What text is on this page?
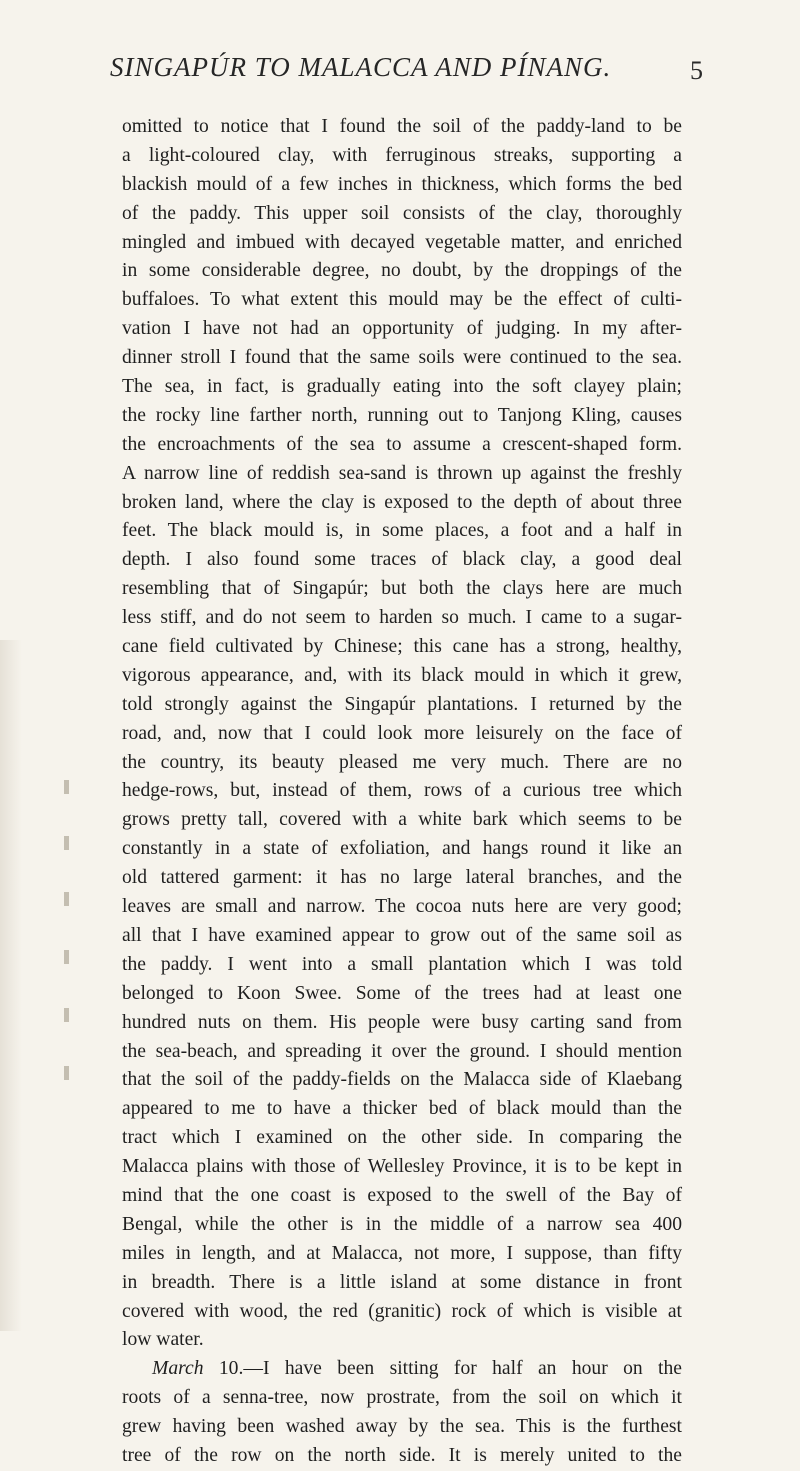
SINGAPÚR TO MALACCA AND PÍNANG.	5
omitted to notice that I found the soil of the paddy-land to be
a light-coloured clay, with ferruginous streaks, supporting a
blackish mould of a few inches in thickness, which forms the bed
of the paddy. This upper soil consists of the clay, thoroughly
mingled and imbued with decayed vegetable matter, and enriched
in some considerable degree, no doubt, by the droppings of the
buffaloes. To what extent this mould may be the effect of culti-
vation I have not had an opportunity of judging. In my after-
dinner stroll I found that the same soils were continued to the sea.
The sea, in fact, is gradually eating into the soft clayey plain;
the rocky line farther north, running out to Tanjong Kling, causes
the encroachments of the sea to assume a crescent-shaped form.
A narrow line of reddish sea-sand is thrown up against the freshly
broken land, where the clay is exposed to the depth of about three
feet. The black mould is, in some places, a foot and a half in
depth. I also found some traces of black clay, a good deal
resembling that of Singapúr; but both the clays here are much
less stiff, and do not seem to harden so much. I came to a sugar-
cane field cultivated by Chinese; this cane has a strong, healthy,
vigorous appearance, and, with its black mould in which it grew,
told strongly against the Singapúr plantations. I returned by the
road, and, now that I could look more leisurely on the face of
the country, its beauty pleased me very much. There are no
hedge-rows, but, instead of them, rows of a curious tree which
grows pretty tall, covered with a white bark which seems to be
constantly in a state of exfoliation, and hangs round it like an
old tattered garment: it has no large lateral branches, and the
leaves are small and narrow. The cocoa nuts here are very good;
all that I have examined appear to grow out of the same soil as
the paddy. I went into a small plantation which I was told
belonged to Koon Swee. Some of the trees had at least one
hundred nuts on them. His people were busy carting sand from
the sea-beach, and spreading it over the ground. I should mention
that the soil of the paddy-fields on the Malacca side of Klaebang
appeared to me to have a thicker bed of black mould than the
tract which I examined on the other side. In comparing the
Malacca plains with those of Wellesley Province, it is to be kept in
mind that the one coast is exposed to the swell of the Bay of
Bengal, while the other is in the middle of a narrow sea 400
miles in length, and at Malacca, not more, I suppose, than fifty
in breadth. There is a little island at some distance in front
covered with wood, the red (granitic) rock of which is visible at
low water.
March 10.—I have been sitting for half an hour on the
roots of a senna-tree, now prostrate, from the soil on which it
grew having been washed away by the sea. This is the furthest
tree of the row on the north side. It is merely united to the
